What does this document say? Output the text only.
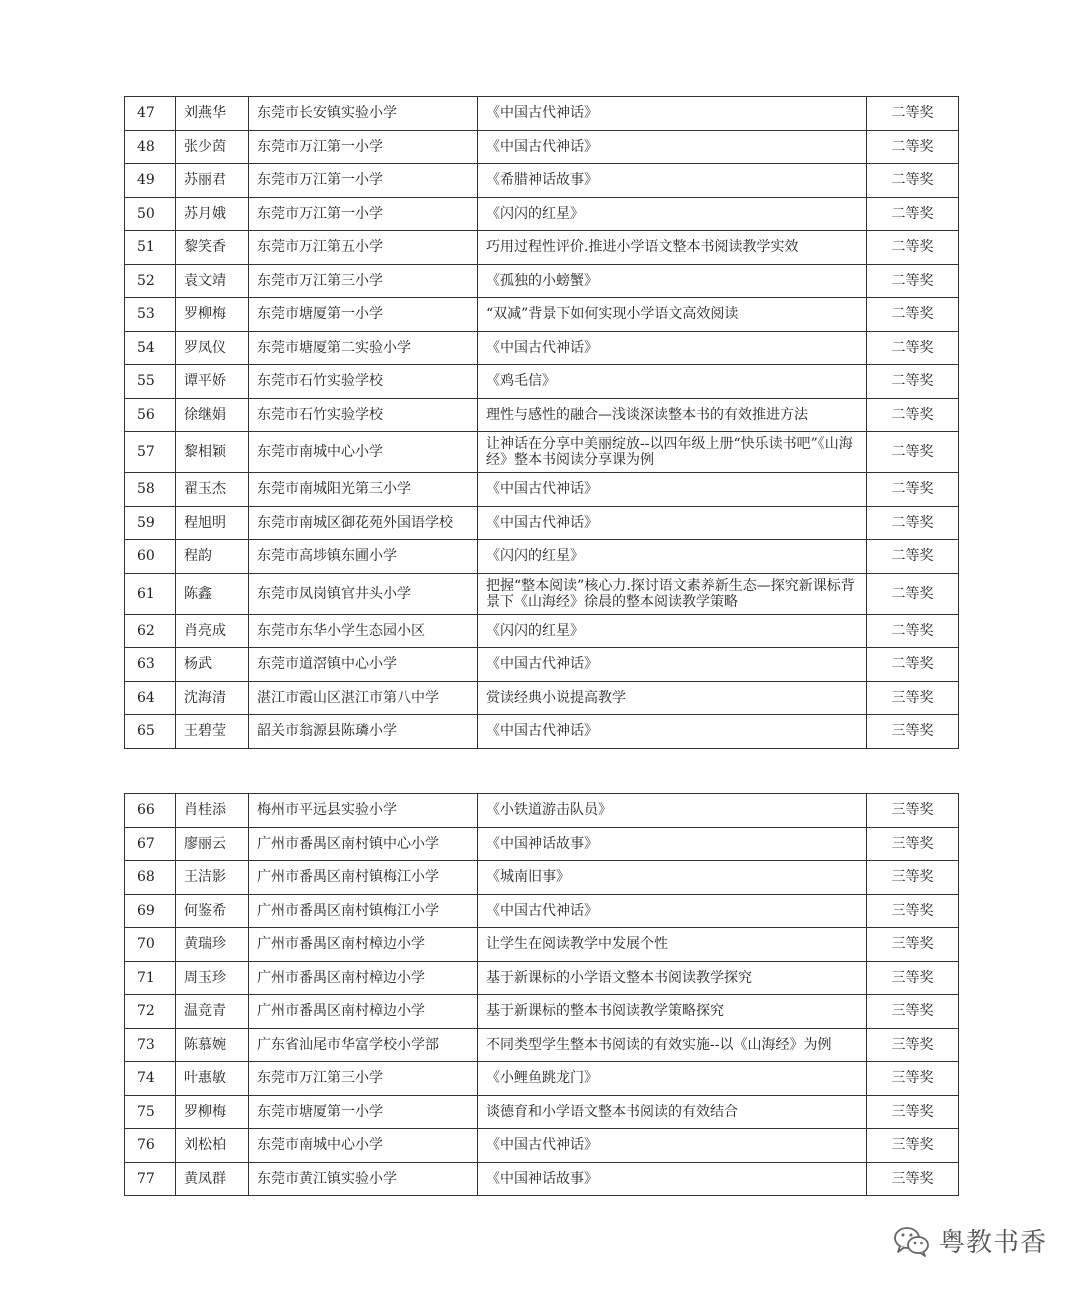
47	刘燕华	东莞市长安镇实验小学	《中国古代神话》	二等奖
48	张少茵	东莞市万江第一小学	《中国古代神话》	二等奖
49	苏丽君	东莞市万江第一小学	《希腊神话故事》	二等奖
50	苏月娥	东莞市万江第一小学	《闪闪的红星》	二等奖
51	黎笑香	东莞市万江第五小学	巧用过程性评价.推进小学语文整本书阅读教学实效	二等奖
52	袁文靖	东莞市万江第三小学	《孤独的小螃蟹》	二等奖
53	罗柳梅	东莞市塘厦第一小学	“双减”背景下如何实现小学语文高效阅读	二等奖
54	罗凤仪	东莞市塘厦第二实验小学	《中国古代神话》	二等奖
55	谭平娇	东莞市石竹实验学校	《鸡毛信》	二等奖
56	徐继娟	东莞市石竹实验学校	理性与感性的融合—浅谈深读整本书的有效推进方法	二等奖
57	黎相颖	东莞市南城中心小学	让神话在分享中美丽绽放--以四年级上册“快乐读书吧”《山海经》整本书阅读分享课为例	二等奖
58	翟玉杰	东莞市南城阳光第三小学	《中国古代神话》	二等奖
59	程旭明	东莞市南城区御花苑外国语学校	《中国古代神话》	二等奖
60	程韵	东莞市高埗镇东圃小学	《闪闪的红星》	二等奖
61	陈鑫	东莞市凤岗镇官井头小学	把握“整本阅读”核心力.探讨语文素养新生态—探究新课标背景下《山海经》徐晨的整本阅读教学策略	二等奖
62	肖亮成	东莞市东华小学生态园小区	《闪闪的红星》	二等奖
63	杨武	东莞市道滘镇中心小学	《中国古代神话》	二等奖
64	沈海清	湛江市霞山区湛江市第八中学	赏读经典小说提高教学	三等奖
65	王碧莹	韶关市翁源县陈璘小学	《中国古代神话》	三等奖
66	肖桂添	梅州市平远县实验小学	《小铁道游击队员》	三等奖
67	廖丽云	广州市番禺区南村镇中心小学	《中国神话故事》	三等奖
68	王洁影	广州市番禺区南村镇梅江小学	《城南旧事》	三等奖
69	何鉴希	广州市番禺区南村镇梅江小学	《中国古代神话》	三等奖
70	黄瑞珍	广州市番禺区南村樟边小学	让学生在阅读教学中发展个性	三等奖
71	周玉珍	广州市番禺区南村樟边小学	基于新课标的小学语文整本书阅读教学探究	三等奖
72	温竞青	广州市番禺区南村樟边小学	基于新课标的整本书阅读教学策略探究	三等奖
73	陈慕婉	广东省汕尾市华富学校小学部	不同类型学生整本书阅读的有效实施--以《山海经》为例	三等奖
74	叶惠敏	东莞市万江第三小学	《小鲤鱼跳龙门》	三等奖
75	罗柳梅	东莞市塘厦第一小学	谈德育和小学语文整本书阅读的有效结合	三等奖
76	刘松柏	东莞市南城中心小学	《中国古代神话》	三等奖
77	黄凤群	东莞市黄江镇实验小学	《中国神话故事》	三等奖
粤教书香
